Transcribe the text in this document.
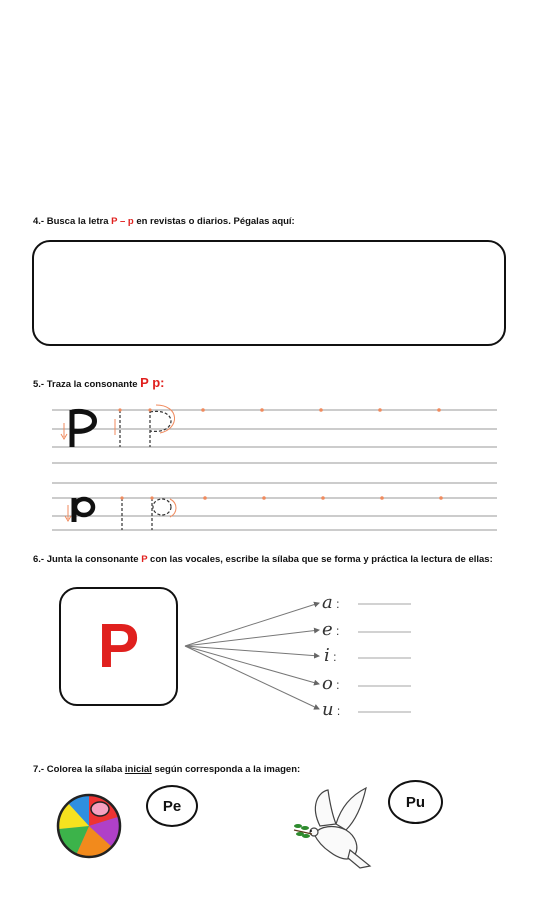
4.- Busca la letra P – p en revistas o diarios. Pégalas aquí:
5.- Traza la consonante P p:
6.- Junta la consonante P con las vocales, escribe la sílaba que se forma y práctica la lectura de ellas:
P
a :
e :
i :
o :
u :
7.- Colorea la sílaba inicial según corresponda a la imagen:
Pe	Pu
